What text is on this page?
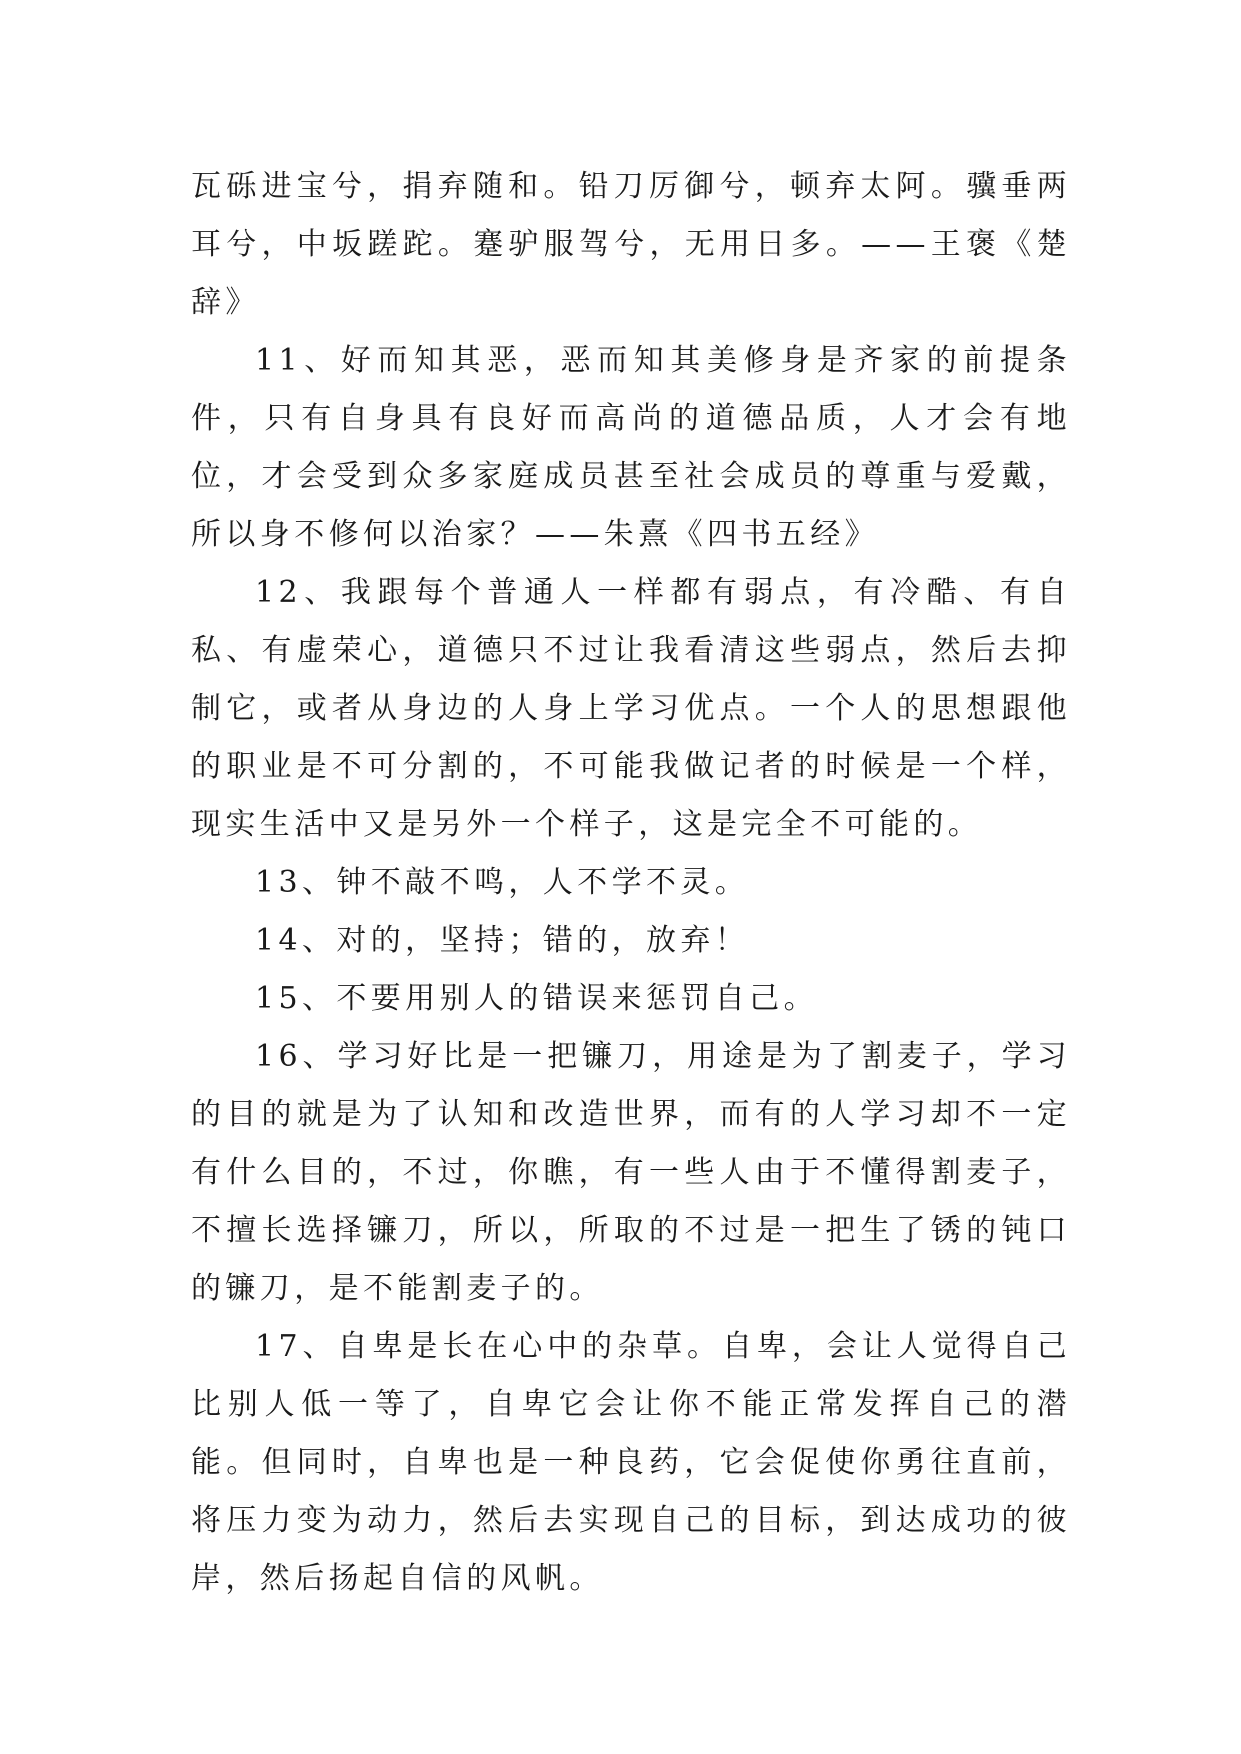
瓦砾进宝兮，捐弃随和。铅刀厉御兮，顿弃太阿。骥垂两耳兮，中坂蹉跎。蹇驴服驾兮，无用日多。——王褒《楚辞》

11、好而知其恶，恶而知其美修身是齐家的前提条件，只有自身具有良好而高尚的道德品质，人才会有地位，才会受到众多家庭成员甚至社会成员的尊重与爱戴，所以身不修何以治家？——朱熹《四书五经》

12、我跟每个普通人一样都有弱点，有冷酷、有自私、有虚荣心，道德只不过让我看清这些弱点，然后去抑制它，或者从身边的人身上学习优点。一个人的思想跟他的职业是不可分割的，不可能我做记者的时候是一个样，现实生活中又是另外一个样子，这是完全不可能的。

13、钟不敲不鸣，人不学不灵。

14、对的，坚持；错的，放弃！

15、不要用别人的错误来惩罚自己。

16、学习好比是一把镰刀，用途是为了割麦子，学习的目的就是为了认知和改造世界，而有的人学习却不一定有什么目的，不过，你瞧，有一些人由于不懂得割麦子，不擅长选择镰刀，所以，所取的不过是一把生了锈的钝口的镰刀，是不能割麦子的。

17、自卑是长在心中的杂草。自卑，会让人觉得自己比别人低一等了，自卑它会让你不能正常发挥自己的潜能。但同时，自卑也是一种良药，它会促使你勇往直前，将压力变为动力，然后去实现自己的目标，到达成功的彼岸，然后扬起自信的风帆。
